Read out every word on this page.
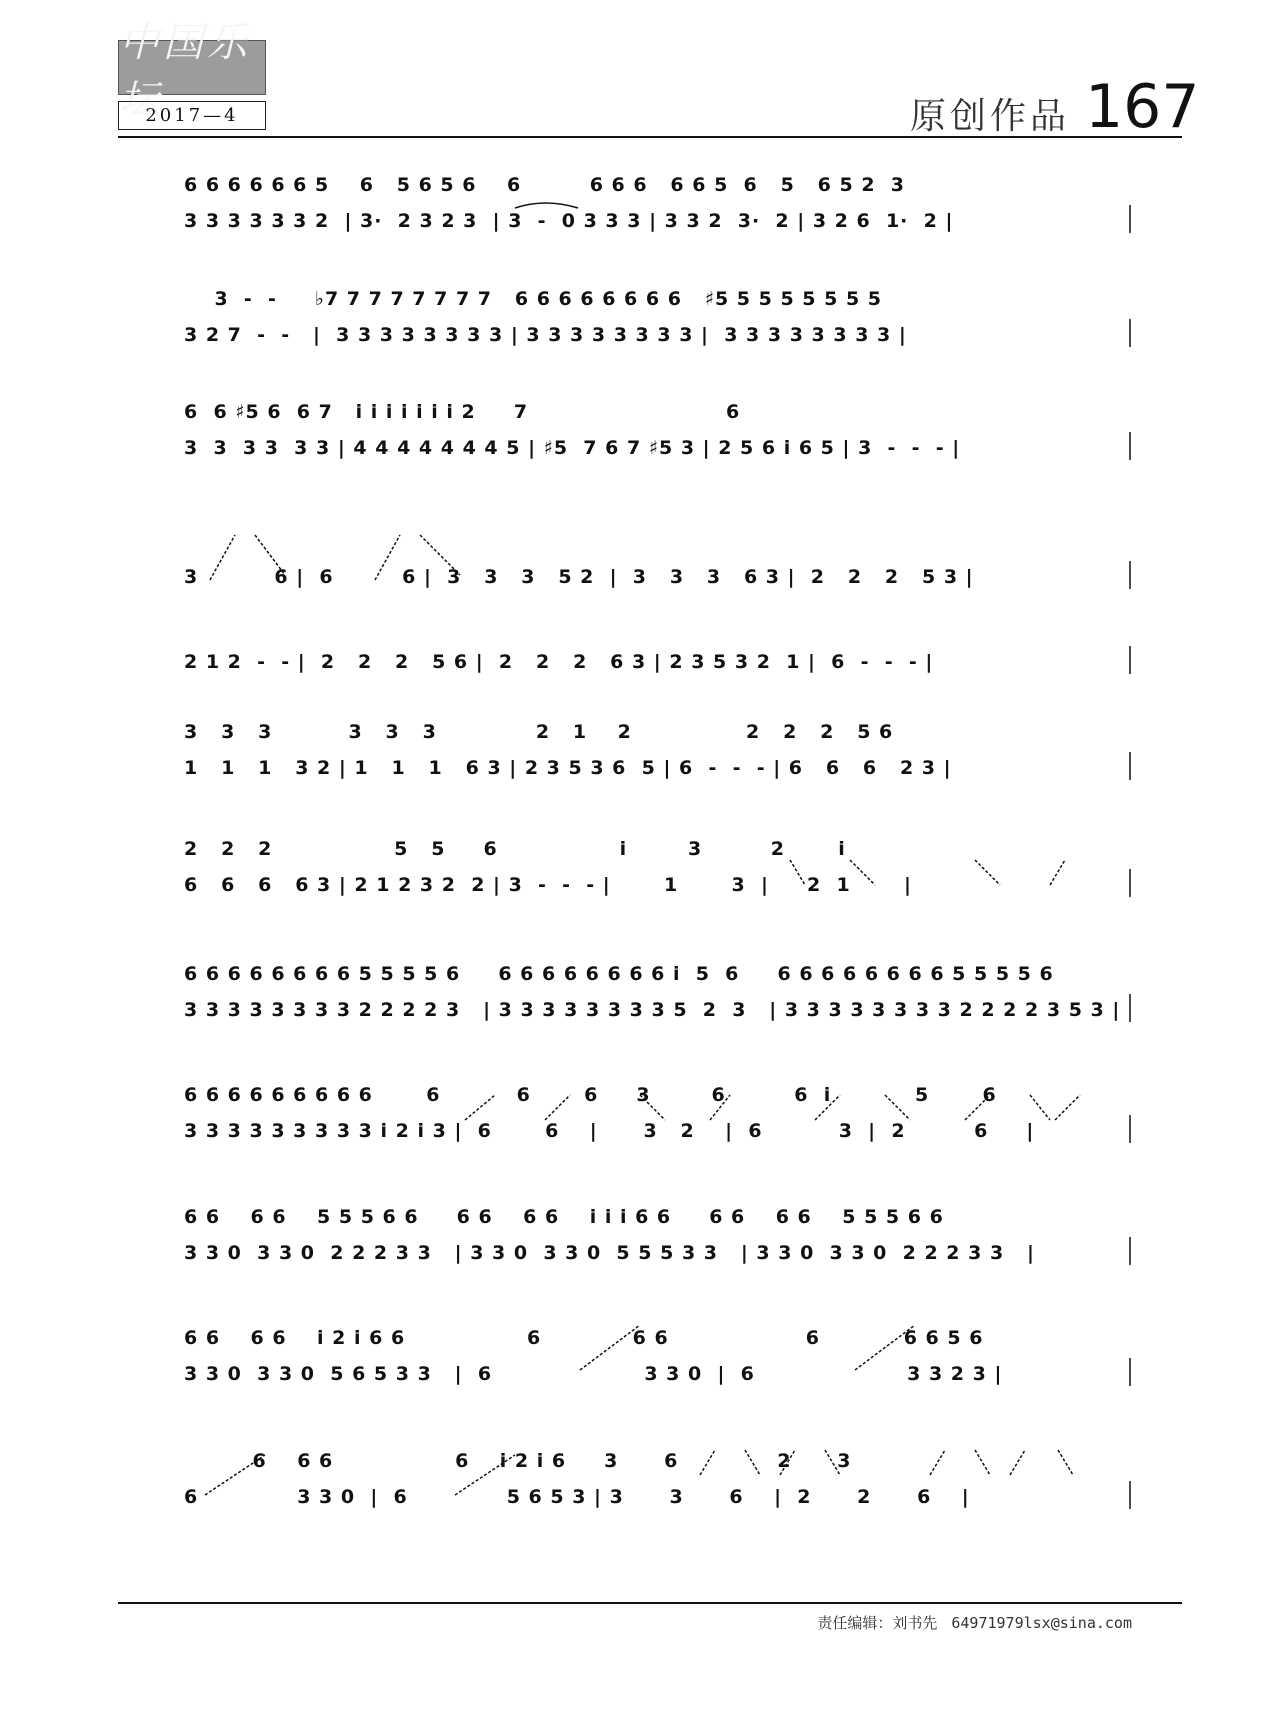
中国乐坛
2017—4	原创作品 167
6 6 6 6 6 6 5    6   5 6 5 6    6         6 6 6   6 6 5  6   5   6 5 2  3
3 3 3 3 3 3 2  | 3·  2 3 2 3  | 3  -  0 3 3 3 | 3 3 2  3·  2 | 3 2 6  1·  2 |
3  -  -     ♭7 7 7 7 7 7 7 7   6 6 6 6 6 6 6 6   ♯5 5 5 5 5 5 5 5
3 2 7  -  -   |  3 3 3 3 3 3 3 3 | 3 3 3 3 3 3 3 3 |  3 3 3 3 3 3 3 3 |
6  6 ♯5 6  6 7   i i i i i i i 2     7                          6
3  3  3 3  3 3 | 4 4 4 4 4 4 4 5 | ♯5  7 6 7 ♯5 3 | 2 5 6 i 6 5 | 3  -  -  - |
3          6 |  6         6 |  3   3   3   5 2  |  3   3   3   6 3 |  2   2   2   5 3 |
2 1 2  -  - |  2   2   2   5 6 |  2   2   2   6 3 | 2 3 5 3 2  1 |  6  -  -  - |
3   3   3          3   3   3             2   1    2               2   2   2   5 6
1   1   1   3 2 | 1   1   1   6 3 | 2 3 5 3 6  5 | 6  -  -  - | 6   6   6   2 3 |
2   2   2                5   5     6                i        3         2       i
6   6   6   6 3 | 2 1 2 3 2  2 | 3  -  -  - |       1       3  |     2  1       |
6 6 6 6 6 6 6 6 5 5 5 5 6     6 6 6 6 6 6 6 6 i  5  6     6 6 6 6 6 6 6 6 5 5 5 5 6
3 3 3 3 3 3 3 3 2 2 2 2 3   | 3 3 3 3 3 3 3 3 5  2  3   | 3 3 3 3 3 3 3 3 2 2 2 2 3 5 3 |
6 6 6 6 6 6 6 6 6       6          6       6     3        6         6  i           5       6
3 3 3 3 3 3 3 3 3 i 2 i 3 |  6       6    |      3   2    |  6          3  |  2         6     |
6 6    6 6    5 5 5 6 6     6 6    6 6    i i i 6 6     6 6    6 6    5 5 5 6 6
3 3 0  3 3 0  2 2 2 3 3   | 3 3 0  3 3 0  5 5 5 3 3   | 3 3 0  3 3 0  2 2 2 3 3   |
6 6    6 6    i 2 i 6 6                6            6 6                  6           6 6 5 6
3 3 0  3 3 0  5 6 5 3 3   |  6                    3 3 0  |  6                    3 3 2 3 |
6    6 6                6    i 2 i 6     3      6             2      3
6             3 3 0  |  6             5 6 5 3 | 3      3      6    |  2      2      6    |
责任编辑：刘书先 64971979lsx@sina.com
